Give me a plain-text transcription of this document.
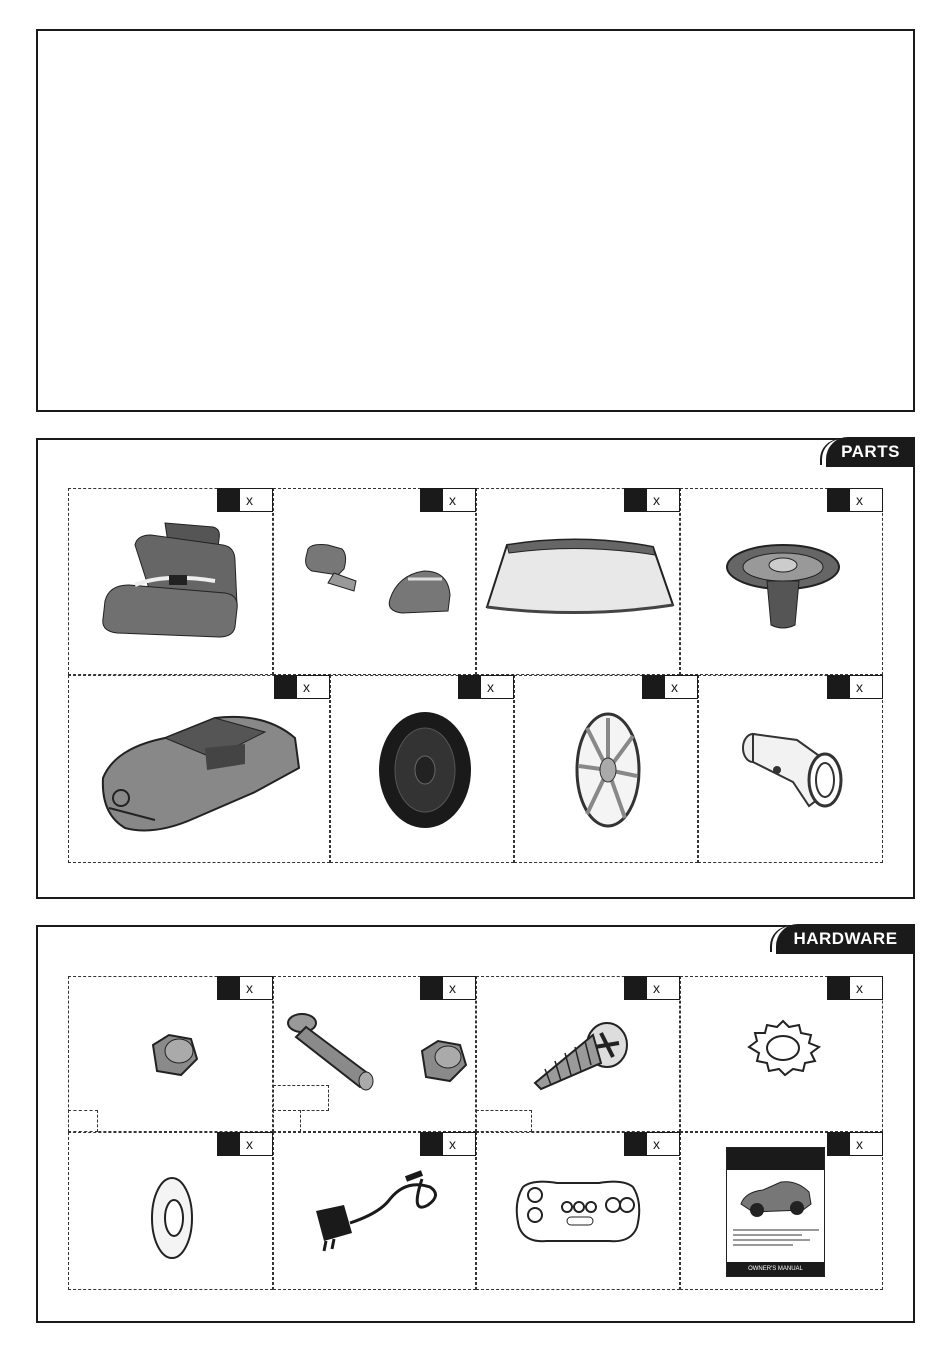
PARTS
x	x	x	x
x	x	x	x
HARDWARE
x	x	x	x
x	x	x	x
OWNER'S MANUAL
